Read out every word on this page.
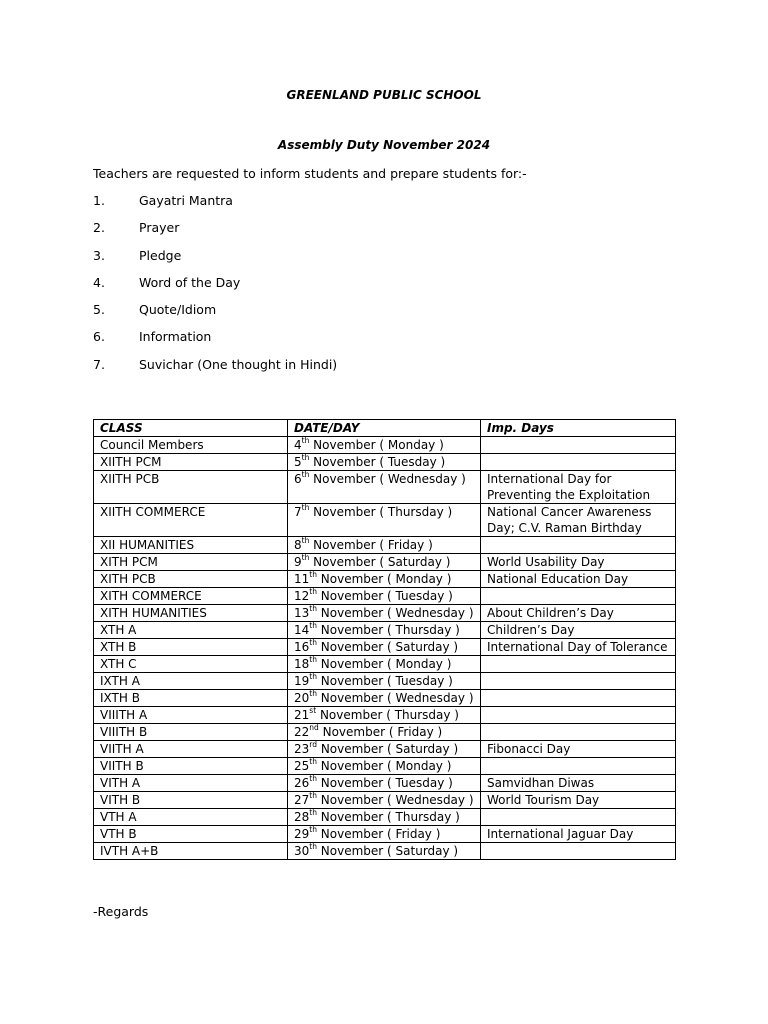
GREENLAND PUBLIC SCHOOL
Assembly Duty November 2024
Teachers are requested to inform students and prepare students for:-
1.	Gayatri Mantra
2.	Prayer
3.	Pledge
4.	Word of the Day
5.	Quote/Idiom
6.	Information
7.	Suvichar (One thought in Hindi)
CLASS	DATE/DAY	Imp. Days
Council Members	4th November ( Monday )	
XIITH PCM	5th November ( Tuesday )	
XIITH PCB	6th November ( Wednesday )	International Day for Preventing the Exploitation
XIITH COMMERCE	7th November ( Thursday )	National Cancer Awareness Day; C.V. Raman Birthday
XII HUMANITIES	8th November ( Friday )	
XITH PCM	9th November ( Saturday )	World Usability Day
XITH PCB	11th November ( Monday )	National Education Day
XITH COMMERCE	12th November ( Tuesday )	
XITH HUMANITIES	13th November ( Wednesday )	About Children’s Day
XTH A	14th November ( Thursday )	Children’s Day
XTH B	16th November ( Saturday )	International Day of Tolerance
XTH C	18th November ( Monday )	
IXTH A	19th November ( Tuesday )	
IXTH B	20th November ( Wednesday )	
VIIITH A	21st November ( Thursday )	
VIIITH B	22nd November ( Friday )	
VIITH A	23rd November ( Saturday )	Fibonacci Day
VIITH B	25th November ( Monday )	
VITH A	26th November ( Tuesday )	Samvidhan Diwas
VITH B	27th November ( Wednesday )	World Tourism Day
VTH A	28th November ( Thursday )	
VTH B	29th November ( Friday )	International Jaguar Day
IVTH A+B	30th November ( Saturday )	
-Regards
